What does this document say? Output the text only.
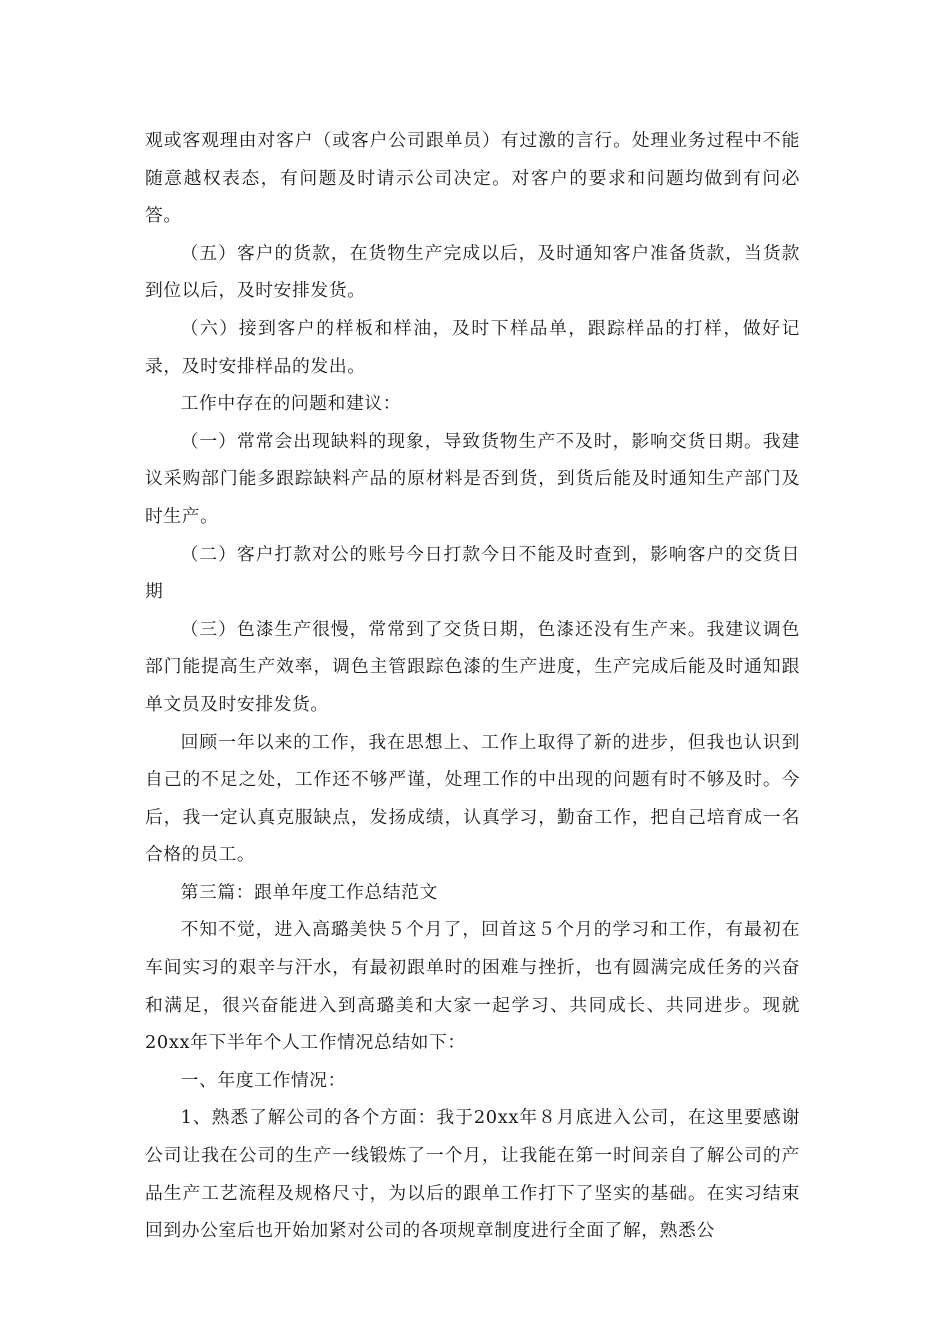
观或客观理由对客户（或客户公司跟单员）有过激的言行。处理业务过程中不能随意越权表态，有问题及时请示公司决定。对客户的要求和问题均做到有问必答。

（五）客户的货款，在货物生产完成以后，及时通知客户准备货款，当货款到位以后，及时安排发货。

（六）接到客户的样板和样油，及时下样品单，跟踪样品的打样，做好记录，及时安排样品的发出。

工作中存在的问题和建议：

（一）常常会出现缺料的现象，导致货物生产不及时，影响交货日期。我建议采购部门能多跟踪缺料产品的原材料是否到货，到货后能及时通知生产部门及时生产。

（二）客户打款对公的账号今日打款今日不能及时查到，影响客户的交货日期

（三）色漆生产很慢，常常到了交货日期，色漆还没有生产来。我建议调色部门能提高生产效率，调色主管跟踪色漆的生产进度，生产完成后能及时通知跟单文员及时安排发货。

回顾一年以来的工作，我在思想上、工作上取得了新的进步，但我也认识到自己的不足之处，工作还不够严谨，处理工作的中出现的问题有时不够及时。今后，我一定认真克服缺点，发扬成绩，认真学习，勤奋工作，把自己培育成一名合格的员工。

第三篇：跟单年度工作总结范文

不知不觉，进入高璐美快５个月了，回首这５个月的学习和工作，有最初在车间实习的艰辛与汗水，有最初跟单时的困难与挫折，也有圆满完成任务的兴奋和满足，很兴奋能进入到高璐美和大家一起学习、共同成长、共同进步。现就20xx年下半年个人工作情况总结如下：

一、年度工作情况：

1、熟悉了解公司的各个方面：我于20xx年８月底进入公司，在这里要感谢公司让我在公司的生产一线锻炼了一个月，让我能在第一时间亲自了解公司的产品生产工艺流程及规格尺寸，为以后的跟单工作打下了坚实的基础。在实习结束回到办公室后也开始加紧对公司的各项规章制度进行全面了解，熟悉公
